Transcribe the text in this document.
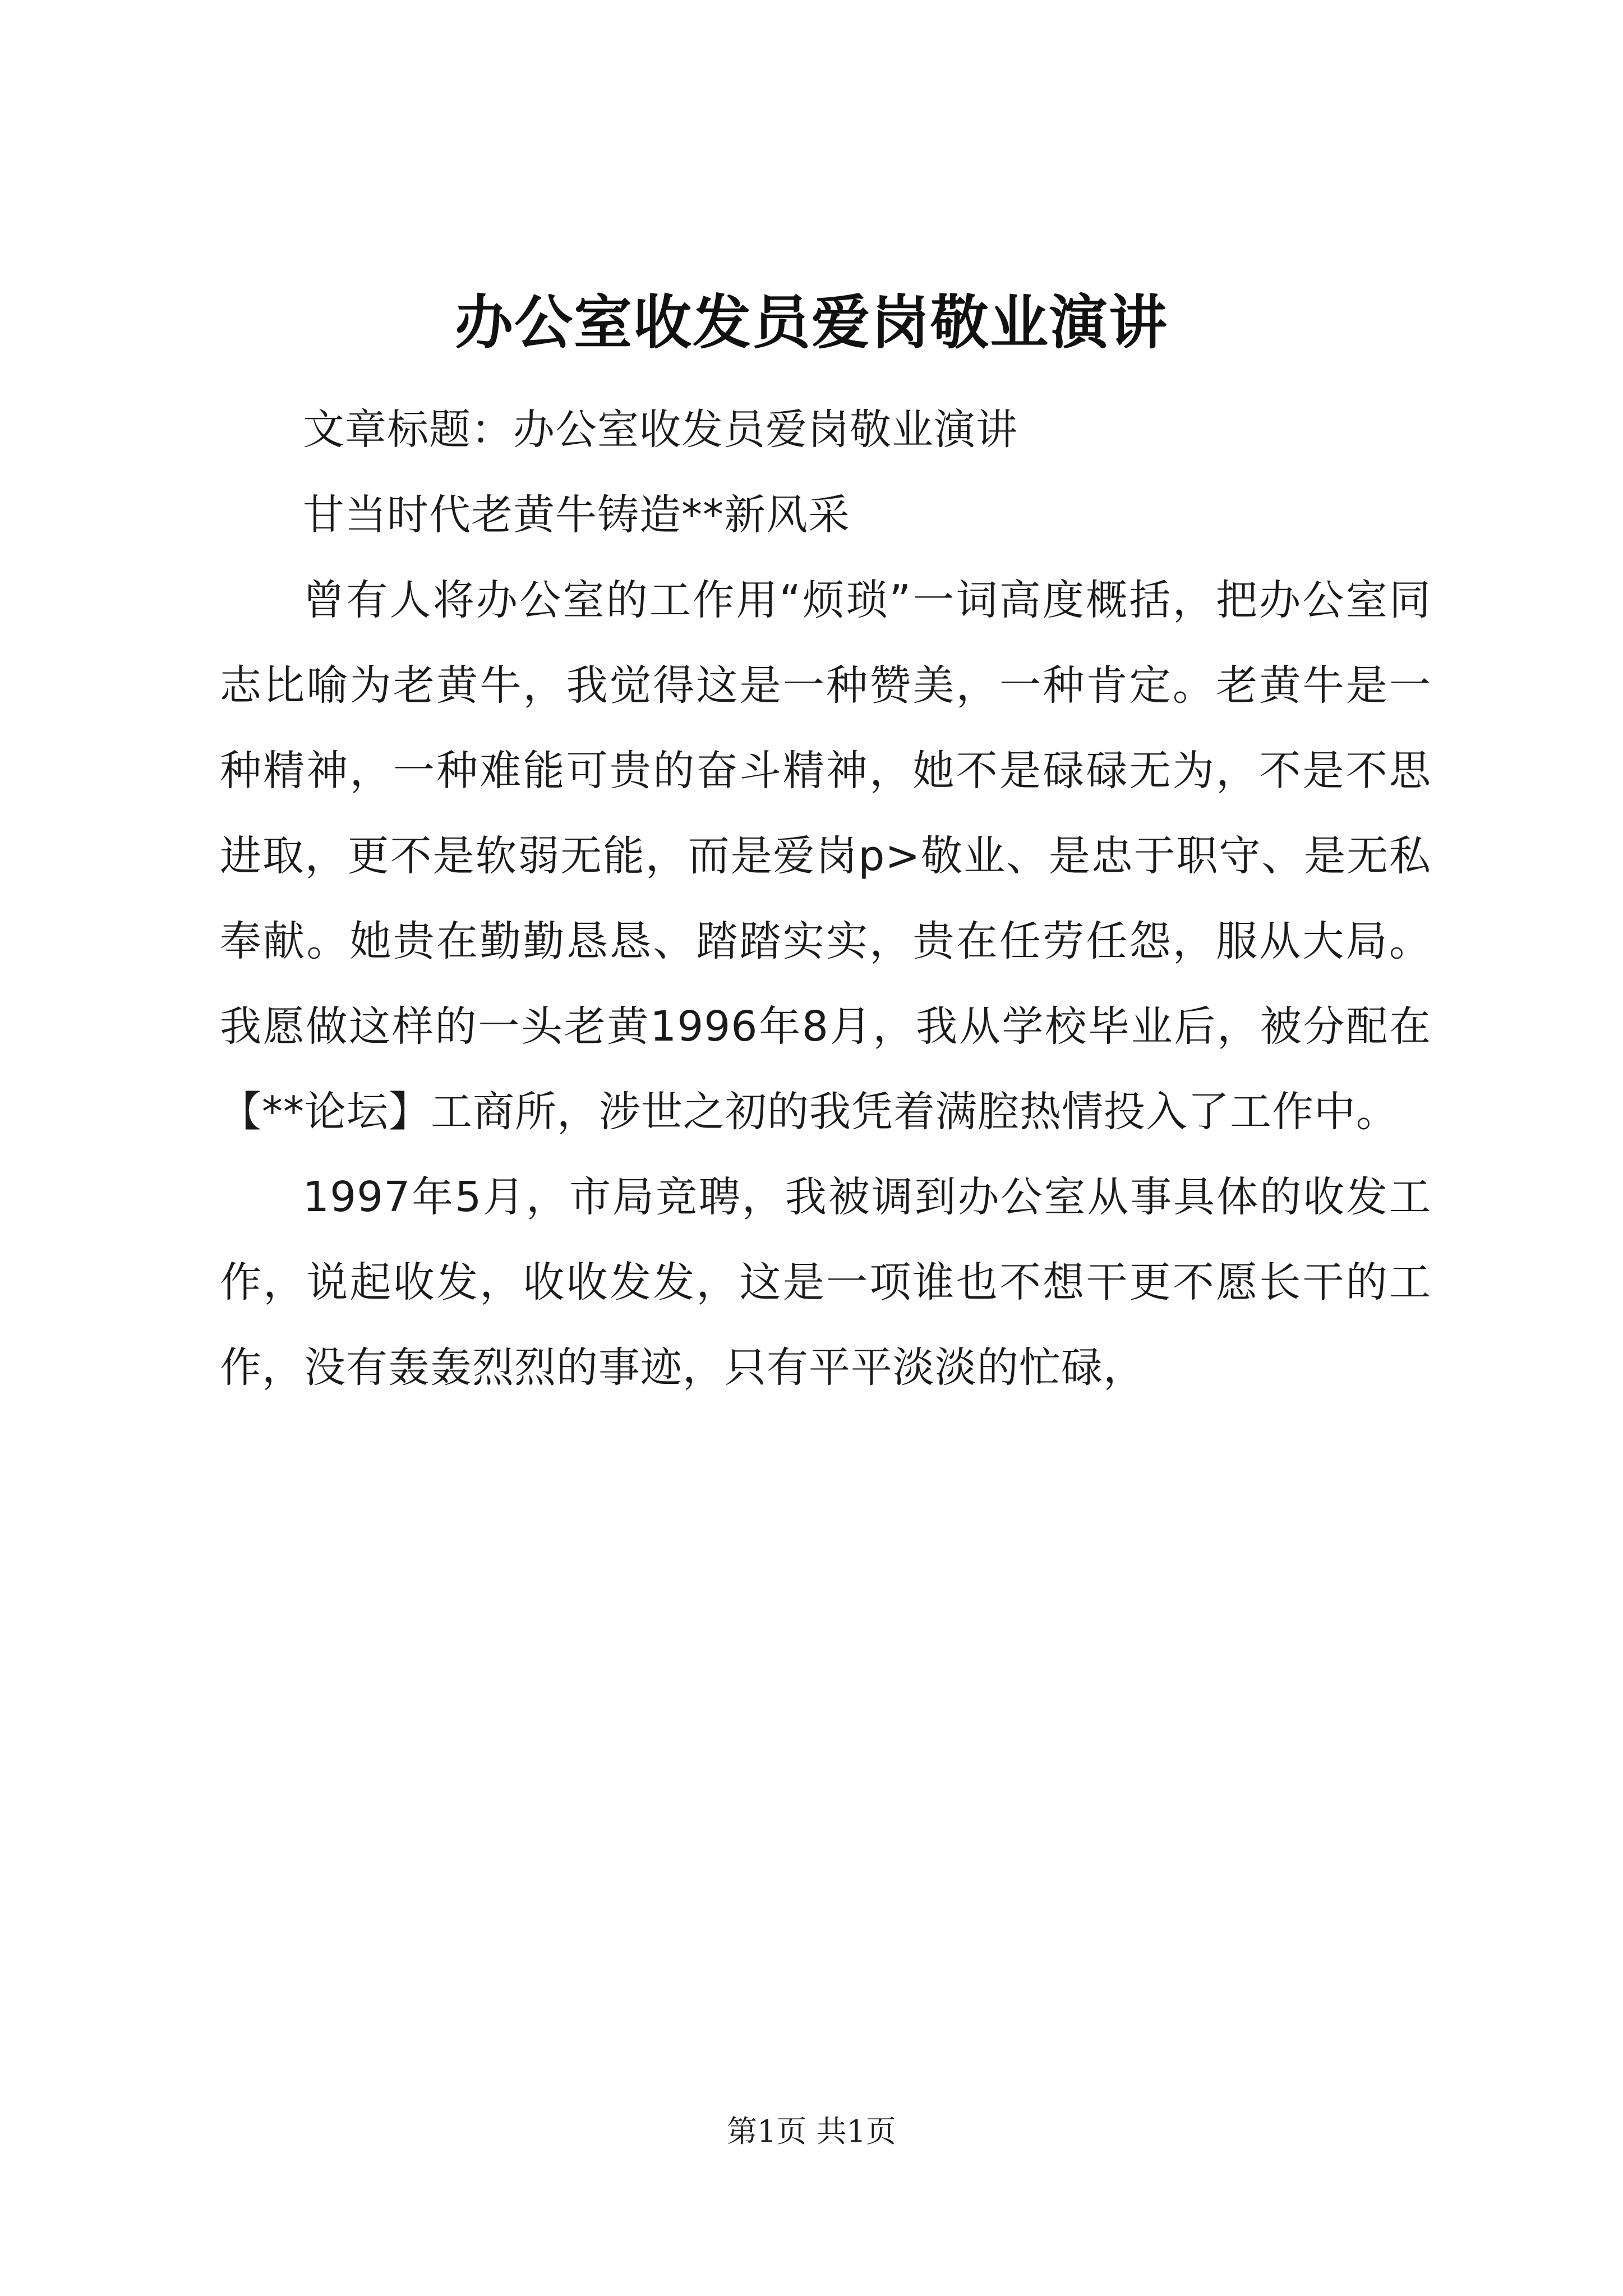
办公室收发员爱岗敬业演讲

文章标题：办公室收发员爱岗敬业演讲

甘当时代老黄牛铸造**新风采

曾有人将办公室的工作用“烦琐”一词高度概括，把办公室同志比喻为老黄牛，我觉得这是一种赞美，一种肯定。老黄牛是一种精神，一种难能可贵的奋斗精神，她不是碌碌无为，不是不思进取，更不是软弱无能，而是爱岗p>敬业、是忠于职守、是无私奉献。她贵在勤勤恳恳、踏踏实实，贵在任劳任怨，服从大局。我愿做这样的一头老黄1996年8月，我从学校毕业后，被分配在【**论坛】工商所，涉世之初的我凭着满腔热情投入了工作中。

1997年5月，市局竞聘，我被调到办公室从事具体的收发工作，说起收发，收收发发，这是一项谁也不想干更不愿长干的工作，没有轰轰烈烈的事迹，只有平平淡淡的忙碌，

第1页 共1页
